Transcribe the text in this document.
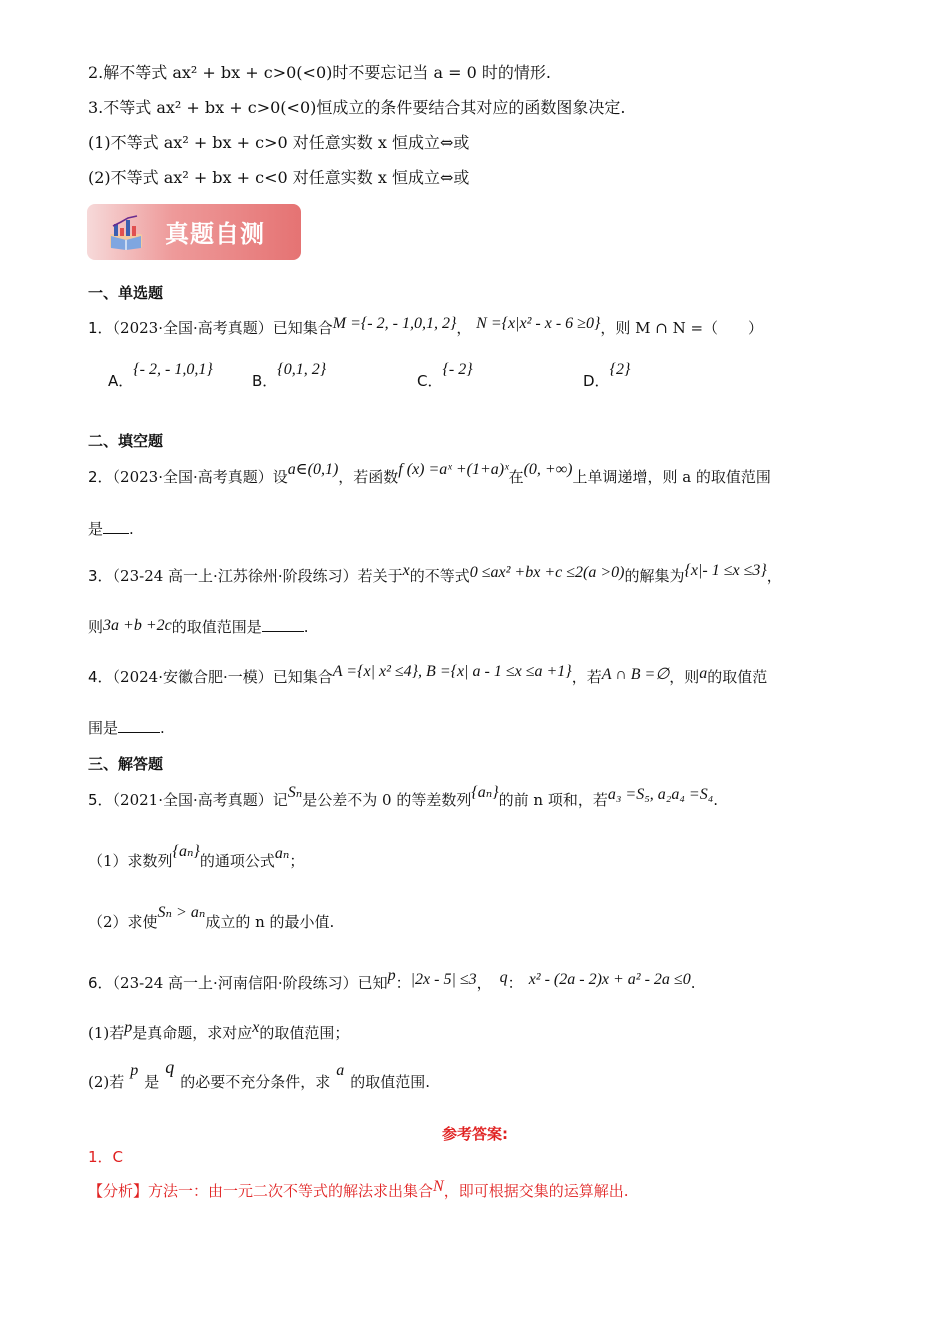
2.解不等式 ax² + bx + c>0(<0)时不要忘记当 a = 0 时的情形.
3.不等式 ax² + bx + c>0(<0)恒成立的条件要结合其对应的函数图象决定.
(1)不等式 ax² + bx + c>0 对任意实数 x 恒成立⇔或
(2)不等式 ax² + bx + c<0 对任意实数 x 恒成立⇔或
真题自测
一、单选题
1．（2023·全国·高考真题）已知集合M ={- 2, - 1,0,1, 2}， N ={x|x² - x - 6 ≥0}，则 M ∩ N =（　　）
A．{- 2, - 1,0,1}
B．{0,1, 2}
C．{- 2}
D．{2}
二、填空题
2．（2023·全国·高考真题）设a∈(0,1)，若函数f (x) =aˣ +(1+a)ˣ在(0, +∞)上单调递增，则 a 的取值范围
是 .
3．（23-24 高一上·江苏徐州·阶段练习）若关于x的不等式0 ≤ax² +bx +c ≤2(a >0)的解集为{x|- 1 ≤x ≤3}，
则3a +b +2c的取值范围是	.
4．（2024·安徽合肥·一模）已知集合A ={x| x² ≤4}, B ={x| a - 1 ≤x ≤a +1}，若A ∩ B =∅，则a的取值范
围是	.
三、解答题
5．（2021·全国·高考真题）记Sₙ是公差不为 0 的等差数列{aₙ}的前 n 项和，若a₃ =S₅, a₂a₄ =S₄.
（1）求数列{aₙ}的通项公式aₙ；
（2）求使Sₙ > aₙ成立的 n 的最小值.
6．（23-24 高一上·河南信阳·阶段练习）已知p：|2x - 5| ≤3， q： x² - (2a - 2)x + a² - 2a ≤0.
(1)若p是真命题，求对应x的取值范围；
(2)若p是q的必要不充分条件，求a的取值范围.
参考答案:
1．C
【分析】方法一：由一元二次不等式的解法求出集合N，即可根据交集的运算解出.
